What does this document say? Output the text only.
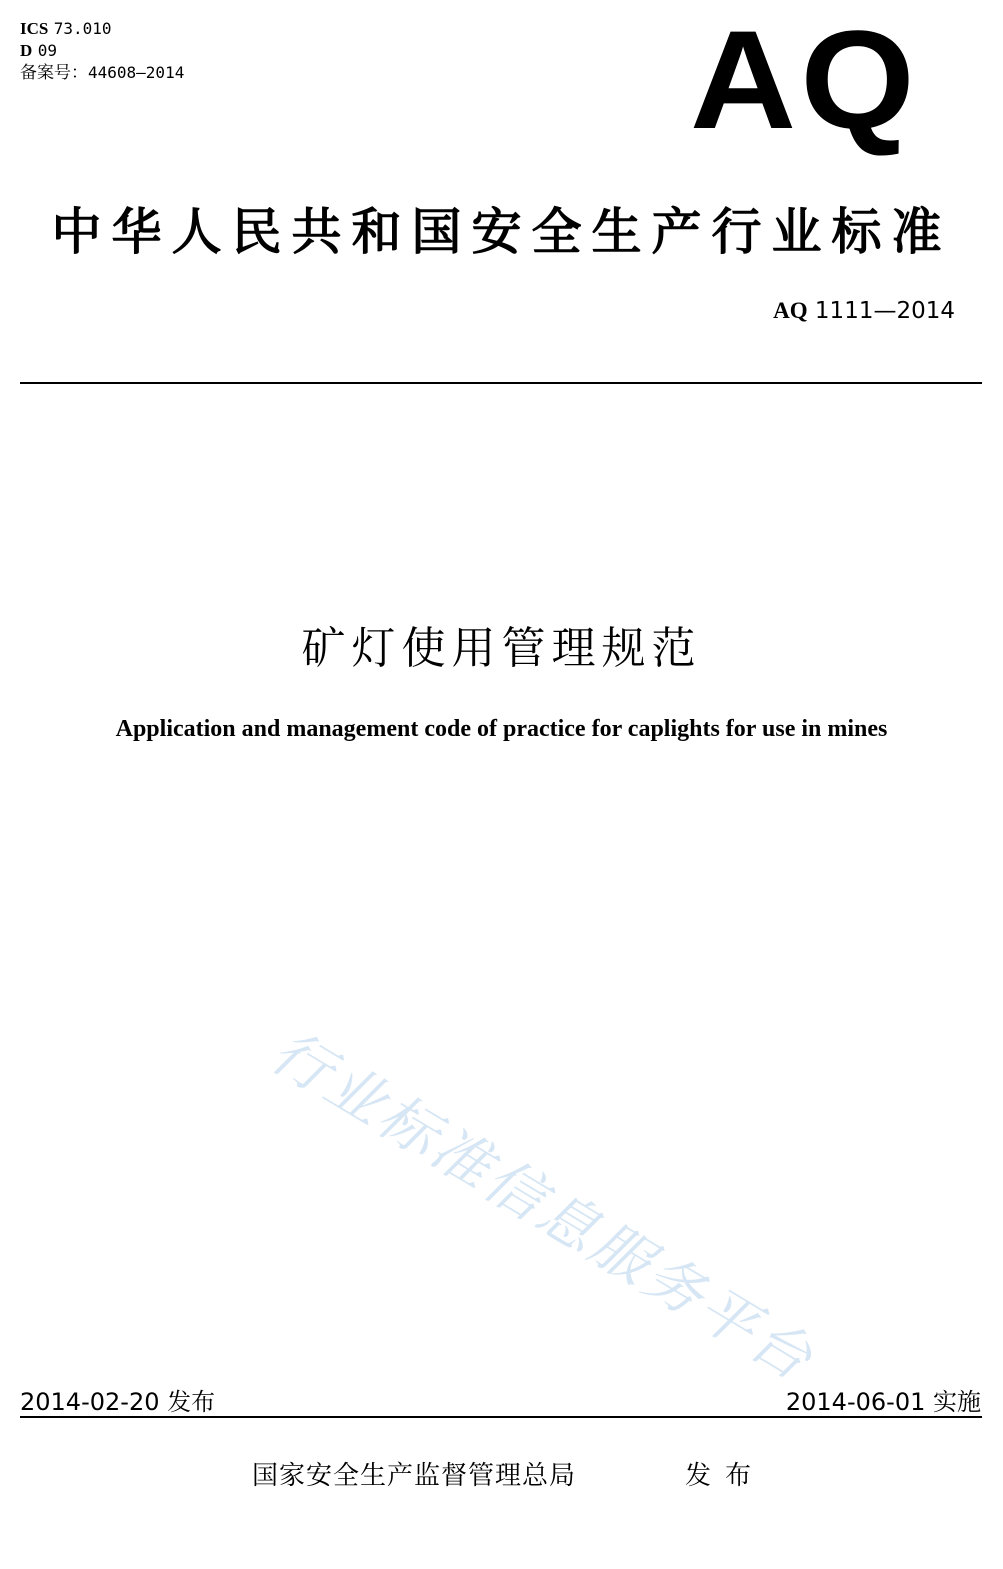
ICS 73.010
D 09
备案号：44608—2014	AQ
中华人民共和国安全生产行业标准
AQ 1111—2014
矿灯使用管理规范
Application and management code of practice for caplights for use in mines
行业标准信息服务平台
2014-02-20 发布	2014-06-01 实施
国家安全生产监督管理总局	发布
